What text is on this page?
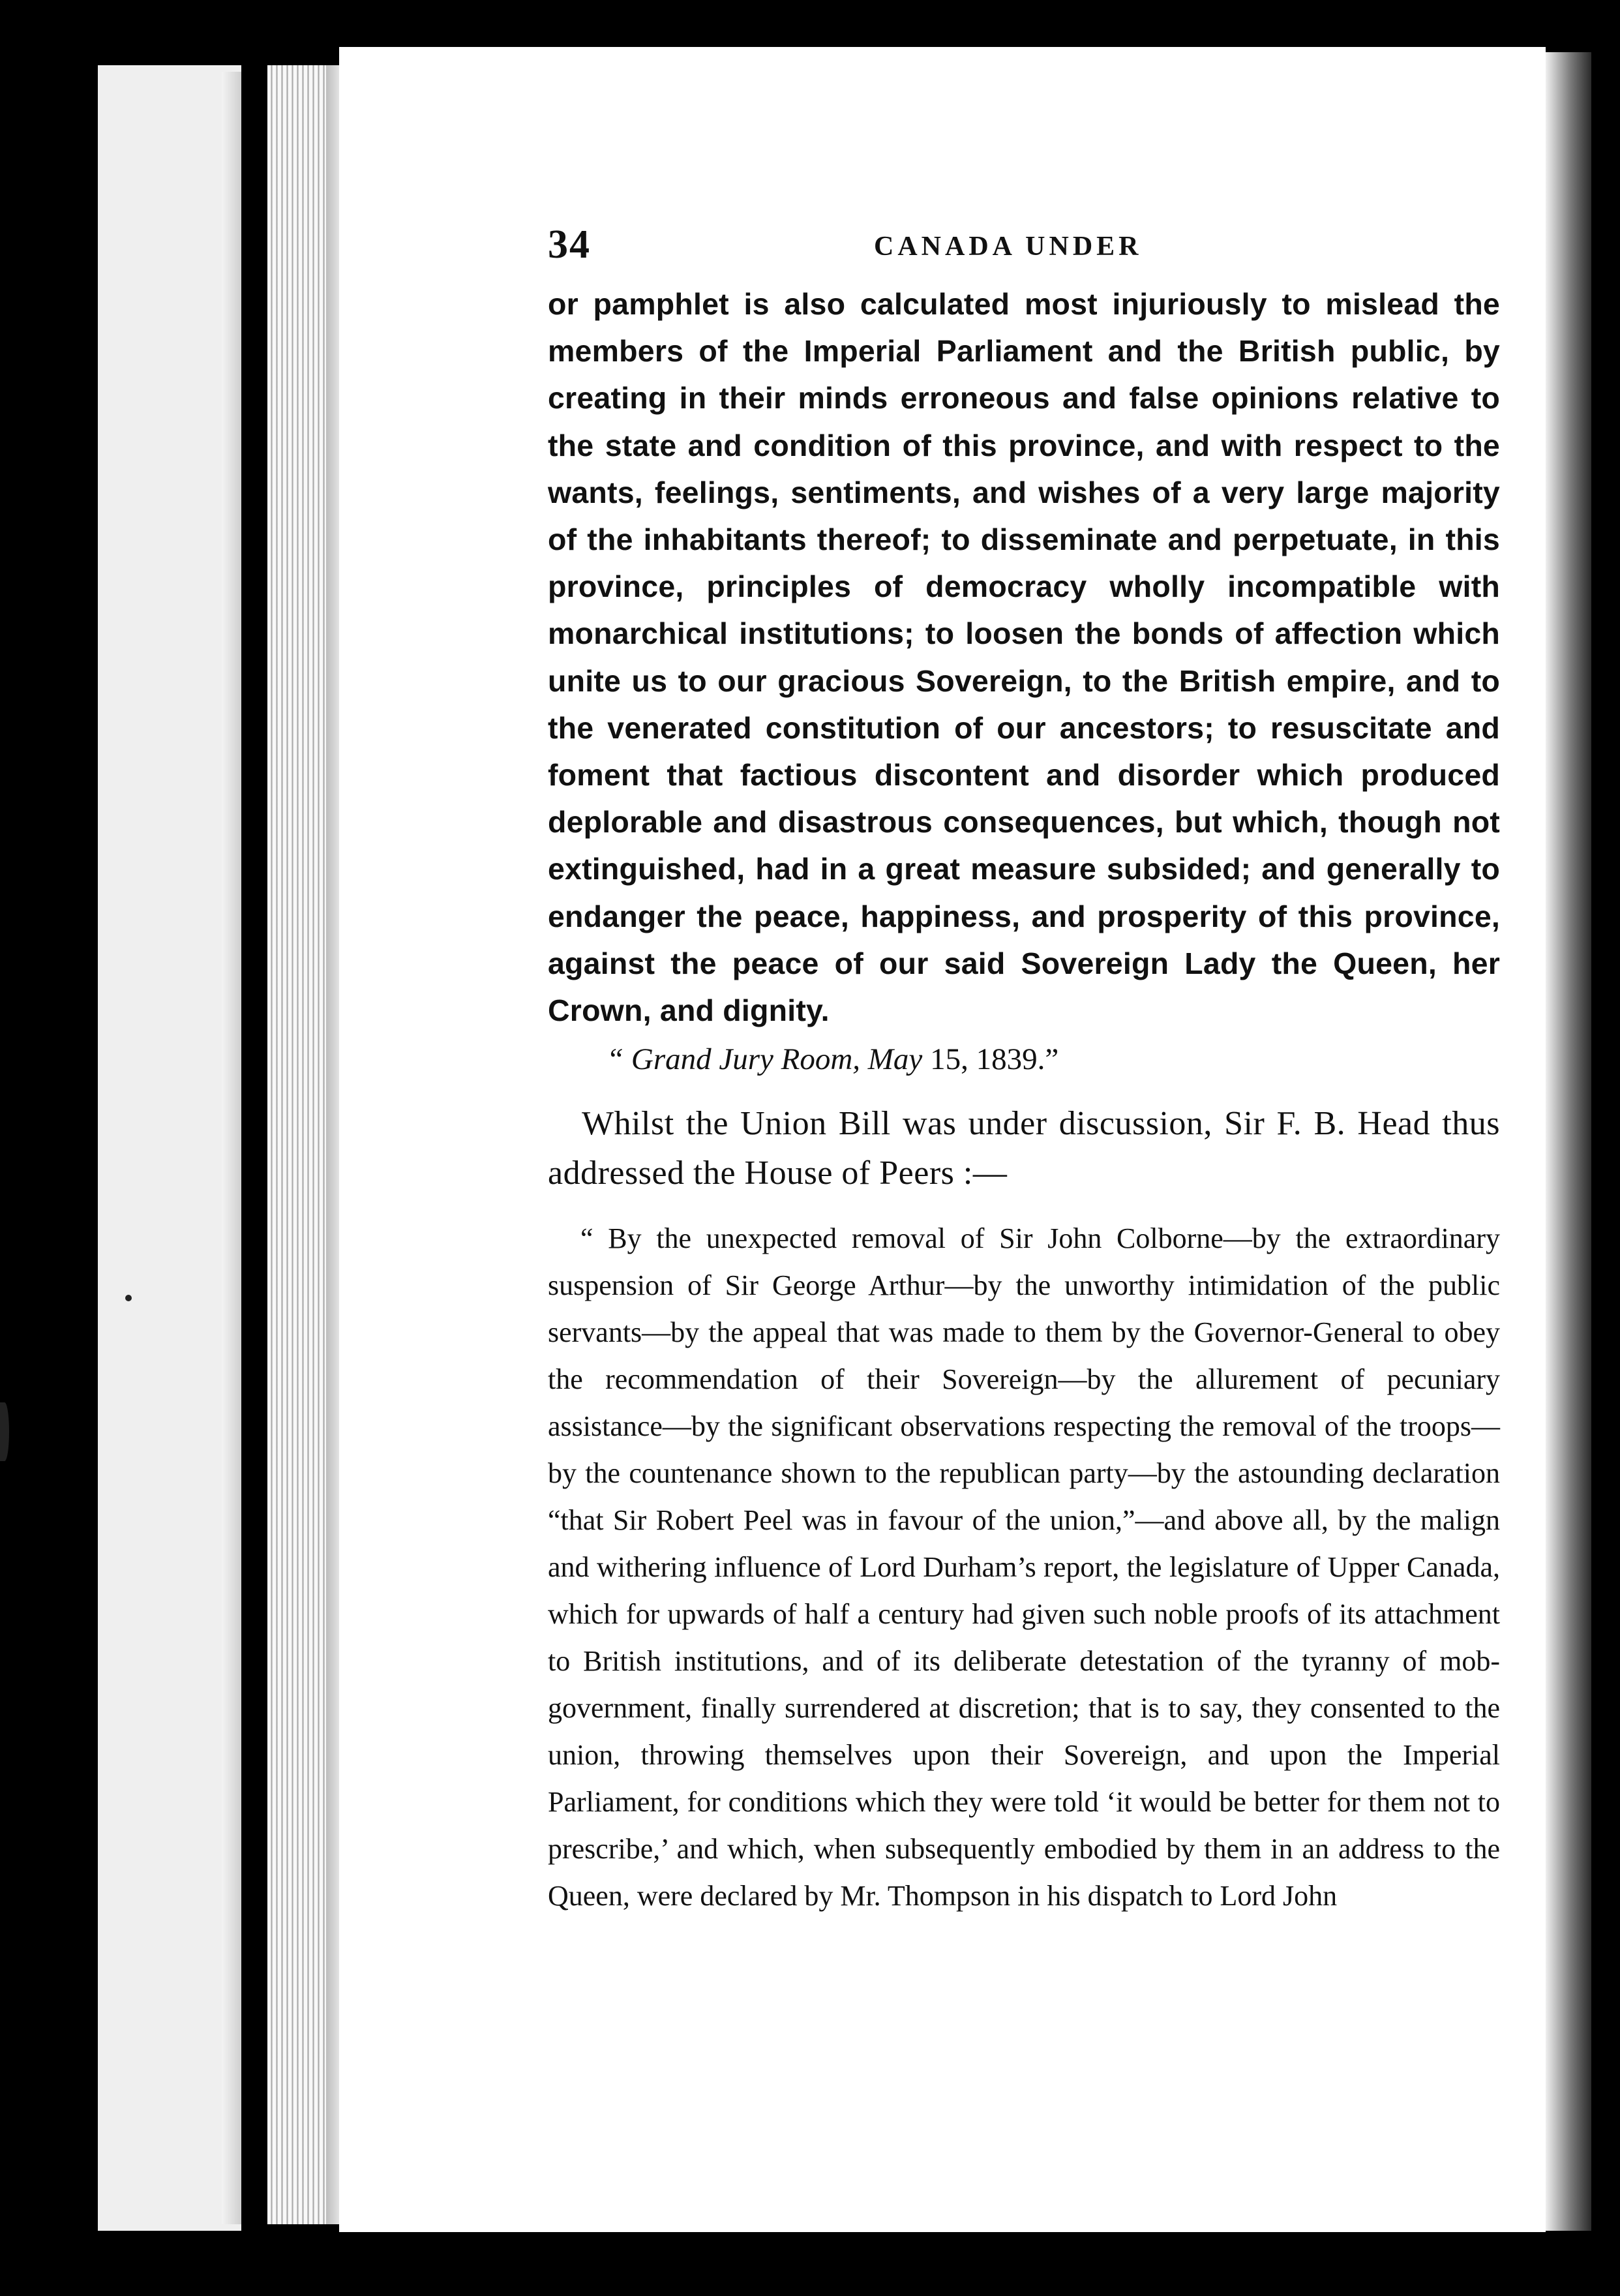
34	CANADA UNDER

or pamphlet is also calculated most injuriously to mislead the members of the Imperial Parliament and the British public, by creating in their minds erroneous and false opinions relative to the state and condition of this province, and with respect to the wants, feelings, sentiments, and wishes of a very large majority of the inhabitants thereof; to disseminate and perpetuate, in this province, principles of democracy wholly incompatible with monarchical institutions; to loosen the bonds of affection which unite us to our gracious Sovereign, to the British empire, and to the venerated constitution of our ancestors; to resuscitate and foment that factious discontent and disorder which produced deplorable and disastrous consequences, but which, though not extinguished, had in a great measure subsided; and generally to endanger the peace, happiness, and prosperity of this province, against the peace of our said Sovereign Lady the Queen, her Crown, and dignity.

“ Grand Jury Room, May 15, 1839.”

Whilst the Union Bill was under discussion, Sir F. B. Head thus addressed the House of Peers :—

“ By the unexpected removal of Sir John Colborne—by the extraordinary suspension of Sir George Arthur—by the unworthy intimidation of the public servants—by the appeal that was made to them by the Governor-General to obey the recommendation of their Sovereign—by the allurement of pecuniary assistance—by the significant observations respecting the removal of the troops—by the countenance shown to the republican party—by the astounding declaration “that Sir Robert Peel was in favour of the union,”—and above all, by the malign and withering influence of Lord Durham’s report, the legislature of Upper Canada, which for upwards of half a century had given such noble proofs of its attachment to British institutions, and of its deliberate detestation of the tyranny of mob-government, finally surrendered at discretion; that is to say, they consented to the union, throwing themselves upon their Sovereign, and upon the Imperial Parliament, for conditions which they were told ‘it would be better for them not to prescribe,’ and which, when subsequently embodied by them in an address to the Queen, were declared by Mr. Thompson in his dispatch to Lord John
